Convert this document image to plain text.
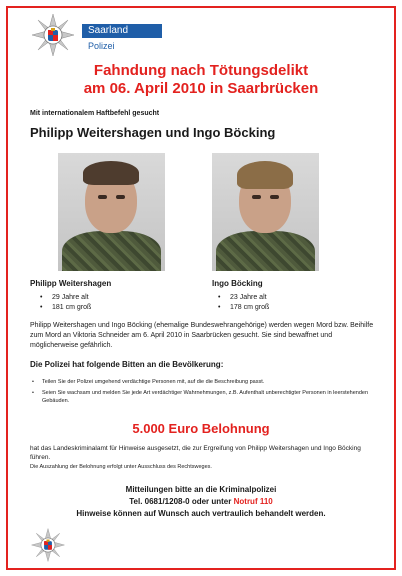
Saarland
Polizei
Fahndung nach Tötungsdelikt
am 06. April 2010 in Saarbrücken
Mit internationalem Haftbefehl gesucht
Philipp Weitershagen und Ingo Böcking
Philipp Weitershagen
• 29 Jahre alt
• 181 cm groß
Ingo Böcking
• 23 Jahre alt
• 178 cm groß

Philipp Weitershagen und Ingo Böcking (ehemalige Bundeswehrangehörige) werden wegen Mord bzw. Beihilfe zum Mord an Viktoria Schneider am 6. April 2010 in Saarbrücken gesucht. Sie sind bewaffnet und möglicherweise gefährlich.

Die Polizei hat folgende Bitten an die Bevölkerung:
• Teilen Sie der Polizei umgehend verdächtige Personen mit, auf die die Beschreibung passt.
• Seien Sie wachsam und melden Sie jede Art verdächtiger Wahrnehmungen, z.B. Aufenthalt unberechtigter Personen in leerstehenden Gebäuden.
5.000 Euro Belohnung

hat das Landeskriminalamt für Hinweise ausgesetzt, die zur Ergreifung von Philipp Weitershagen und Ingo Böcking führen.

Die Auszahlung der Belohnung erfolgt unter Ausschluss des Rechtsweges.

Mitteilungen bitte an die Kriminalpolizei
Tel. 0681/1208-0 oder unter Notruf 110
Hinweise können auf Wunsch auch vertraulich behandelt werden.
